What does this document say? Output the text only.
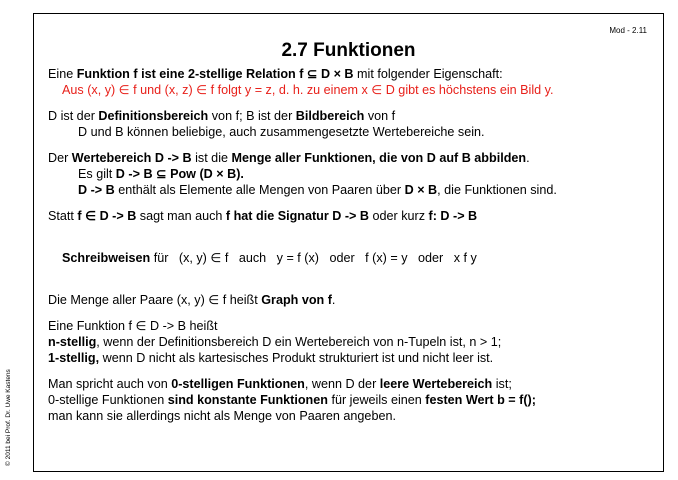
Mod - 2.11
2.7 Funktionen
© 2011 bei Prof. Dr. Uwe Kastens

Eine Funktion f ist eine 2-stellige Relation f ⊆ D × B mit folgender Eigenschaft:

Aus (x, y) ∈ f und (x, z) ∈ f folgt y = z, d. h. zu einem x ∈ D gibt es höchstens ein Bild y.

D ist der Definitionsbereich von f; B ist der Bildbereich von f

D und B können beliebige, auch zusammengesetzte Wertebereiche sein.

Der Wertebereich D -> B ist die Menge aller Funktionen, die von D auf B abbilden.

Es gilt D -> B ⊆ Pow (D × B).

D -> B enthält als Elemente alle Mengen von Paaren über D × B, die Funktionen sind.

Statt f ∈ D -> B sagt man auch f hat die Signatur D -> B oder kurz f: D -> B

Schreibweisen für   (x, y) ∈ f   auch   y = f (x)   oder   f (x) = y   oder   x f y

Die Menge aller Paare (x, y) ∈ f heißt Graph von f.

Eine Funktion f ∈ D -> B heißt

n-stellig, wenn der Definitionsbereich D ein Wertebereich von n-Tupeln ist, n > 1;

1-stellig, wenn D nicht als kartesisches Produkt strukturiert ist und nicht leer ist.

Man spricht auch von 0-stelligen Funktionen, wenn D der leere Wertebereich ist;

0-stellige Funktionen sind konstante Funktionen für jeweils einen festen Wert b = f();

man kann sie allerdings nicht als Menge von Paaren angeben.
